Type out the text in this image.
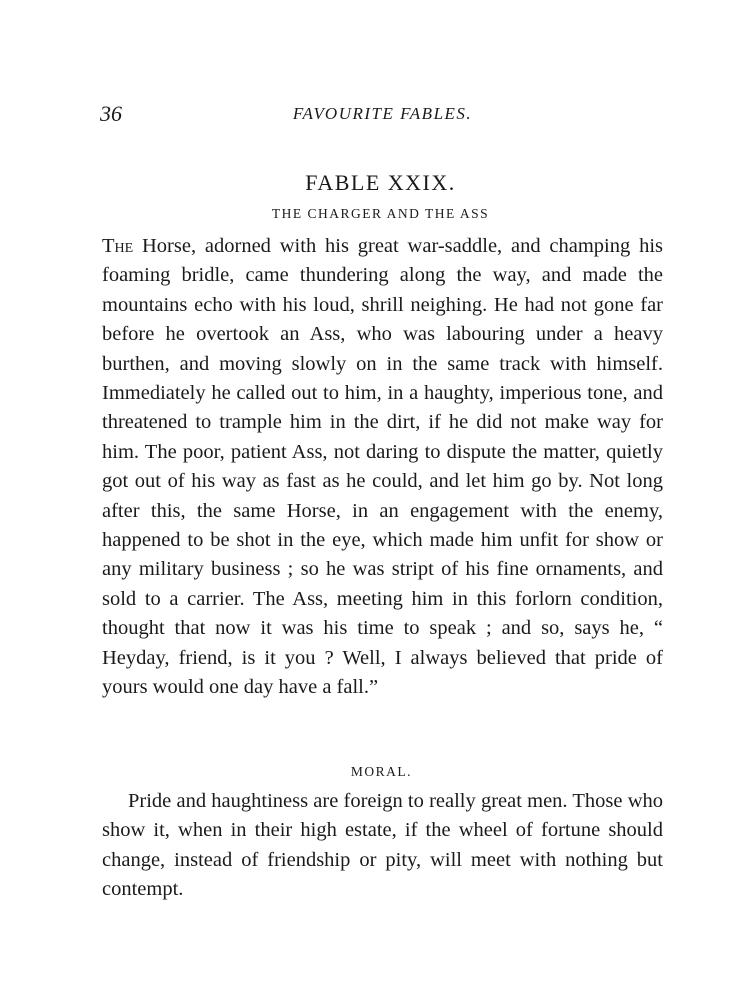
36	FAVOURITE FABLES.
FABLE XXIX.
THE CHARGER AND THE ASS

The Horse, adorned with his great war-saddle, and champing his foaming bridle, came thundering along the way, and made the mountains echo with his loud, shrill neighing. He had not gone far before he overtook an Ass, who was labouring under a heavy burthen, and moving slowly on in the same track with himself. Immediately he called out to him, in a haughty, imperious tone, and threatened to trample him in the dirt, if he did not make way for him. The poor, patient Ass, not daring to dispute the matter, quietly got out of his way as fast as he could, and let him go by. Not long after this, the same Horse, in an engagement with the enemy, happened to be shot in the eye, which made him unfit for show or any military business ; so he was stript of his fine ornaments, and sold to a carrier. The Ass, meeting him in this forlorn condition, thought that now it was his time to speak ; and so, says he, “ Heyday, friend, is it you ? Well, I always believed that pride of yours would one day have a fall.”

MORAL.

Pride and haughtiness are foreign to really great men. Those who show it, when in their high estate, if the wheel of fortune should change, instead of friendship or pity, will meet with nothing but contempt.
